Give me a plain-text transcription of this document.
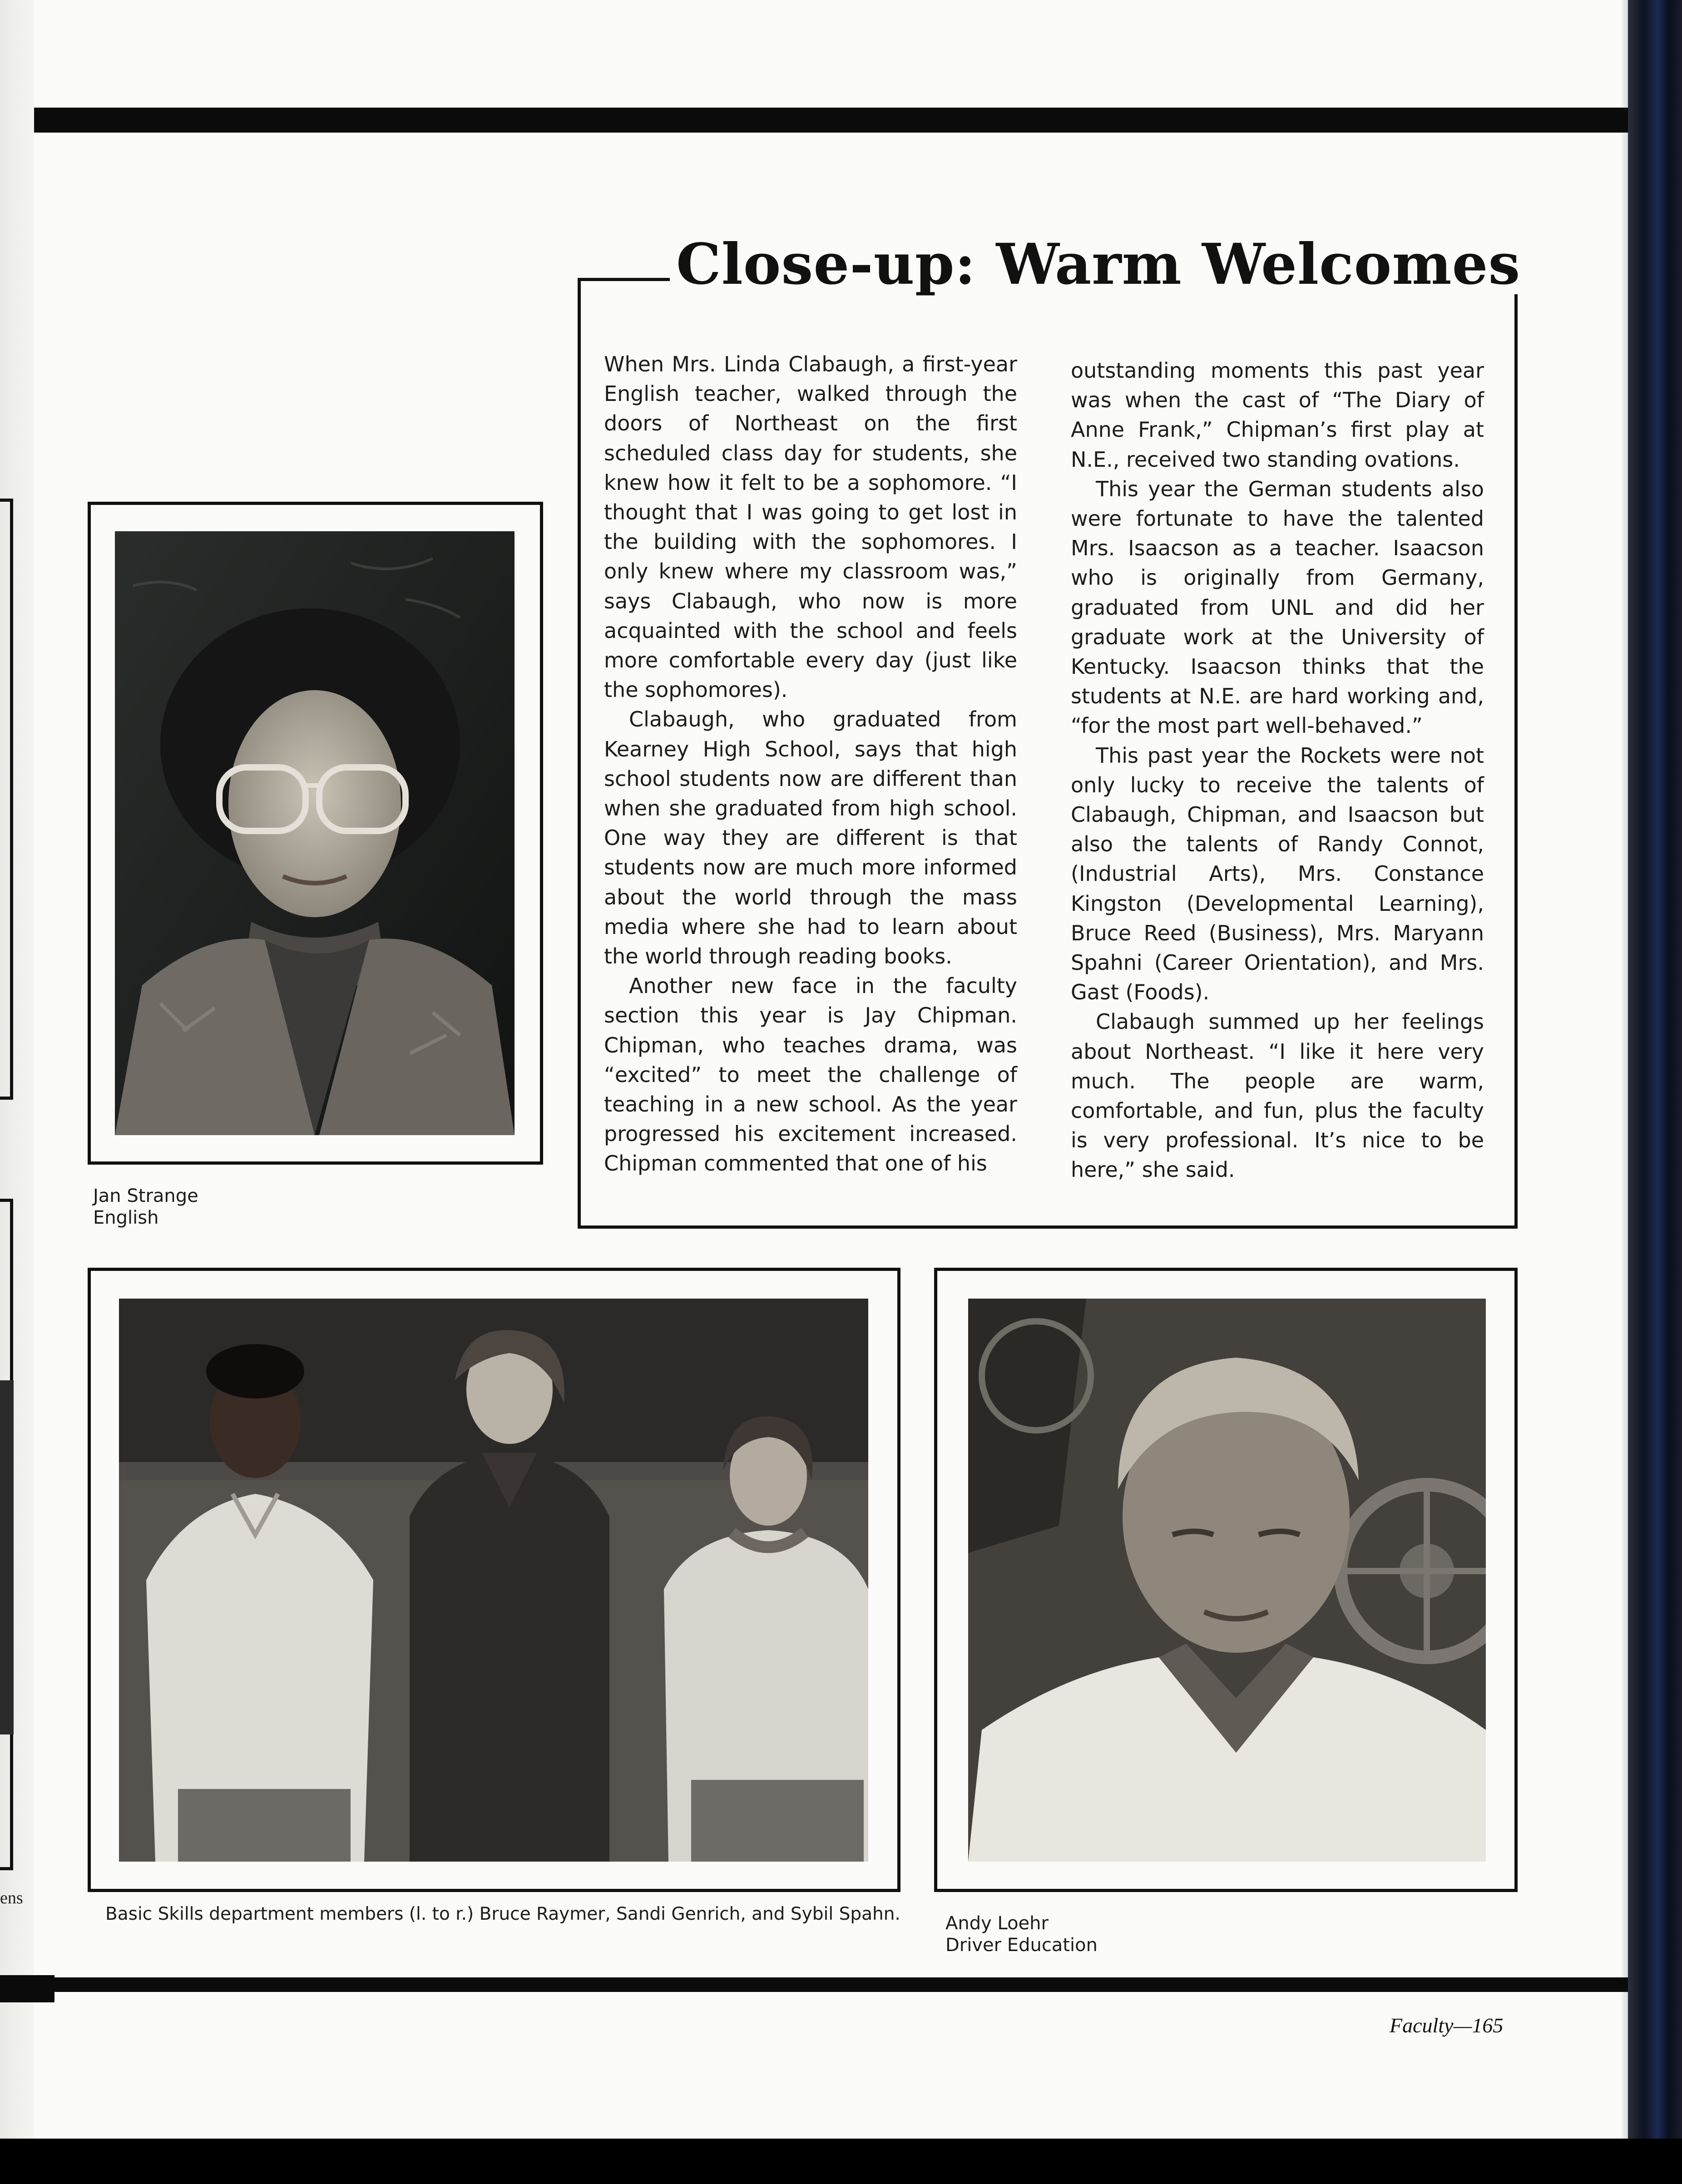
ens
Close-up: Warm Welcomes

When Mrs. Linda Clabaugh, a first-year English teacher, walked through the doors of Northeast on the first scheduled class day for students, she knew how it felt to be a sophomore. “I thought that I was going to get lost in the building with the sophomores. I only knew where my classroom was,” says Clabaugh, who now is more acquainted with the school and feels more comfortable every day (just like the sophomores).

Clabaugh, who graduated from Kearney High School, says that high school students now are different than when she graduated from high school. One way they are different is that students now are much more informed about the world through the mass media where she had to learn about the world through reading books.

Another new face in the faculty section this year is Jay Chipman. Chipman, who teaches drama, was “excited” to meet the challenge of teaching in a new school. As the year progressed his excitement increased. Chipman commented that one of his

outstanding moments this past year was when the cast of “The Diary of Anne Frank,” Chipman’s first play at N.E., received two standing ovations.

This year the German students also were fortunate to have the talented Mrs. Isaacson as a teacher. Isaacson who is originally from Germany, graduated from UNL and did her graduate work at the University of Kentucky. Isaacson thinks that the students at N.E. are hard working and, “for the most part well-behaved.”

This past year the Rockets were not only lucky to receive the talents of Clabaugh, Chipman, and Isaacson but also the talents of Randy Connot, (Industrial Arts), Mrs. Constance Kingston (Developmental Learning), Bruce Reed (Business), Mrs. Maryann Spahni (Career Orientation), and Mrs. Gast (Foods).

Clabaugh summed up her feelings about Northeast. “I like it here very much. The people are warm, comfortable, and fun, plus the faculty is very professional. It’s nice to be here,” she said.

Jan Strange
English
Basic Skills department members (l. to r.) Bruce Raymer, Sandi Genrich, and Sybil Spahn. Andy Loehr
Driver Education
Faculty—165
